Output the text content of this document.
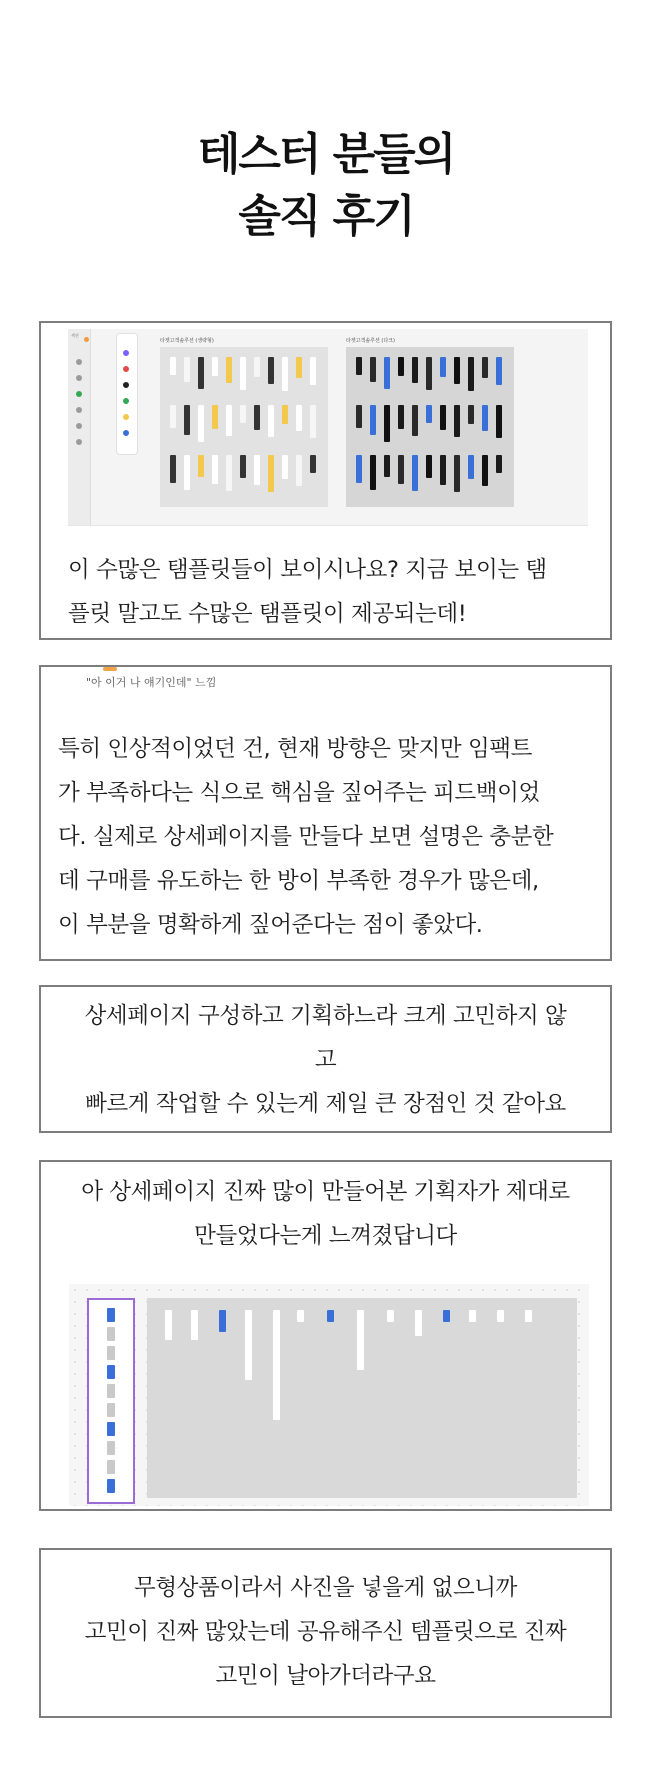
테스터 분들의
솔직 후기
섹션
타겟고객솔루션 (생략형)	타겟고객솔루션 (다크)
이 수많은 탬플릿들이 보이시나요? 지금 보이는 탬
플릿 말고도 수많은 탬플릿이 제공되는데!
"아 이거 나 얘기인데" 느낌
특히 인상적이었던 건, 현재 방향은 맞지만 임팩트
가 부족하다는 식으로 핵심을 짚어주는 피드백이었
다. 실제로 상세페이지를 만들다 보면 설명은 충분한
데 구매를 유도하는 한 방이 부족한 경우가 많은데,
이 부분을 명확하게 짚어준다는 점이 좋았다.
상세페이지 구성하고 기획하느라 크게 고민하지 않
고
빠르게 작업할 수 있는게 제일 큰 장점인 것 같아요
아 상세페이지 진짜 많이 만들어본 기획자가 제대로
만들었다는게 느껴졌답니다
무형상품이라서 사진을 넣을게 없으니까
고민이 진짜 많았는데 공유해주신 템플릿으로 진짜
고민이 날아가더라구요
